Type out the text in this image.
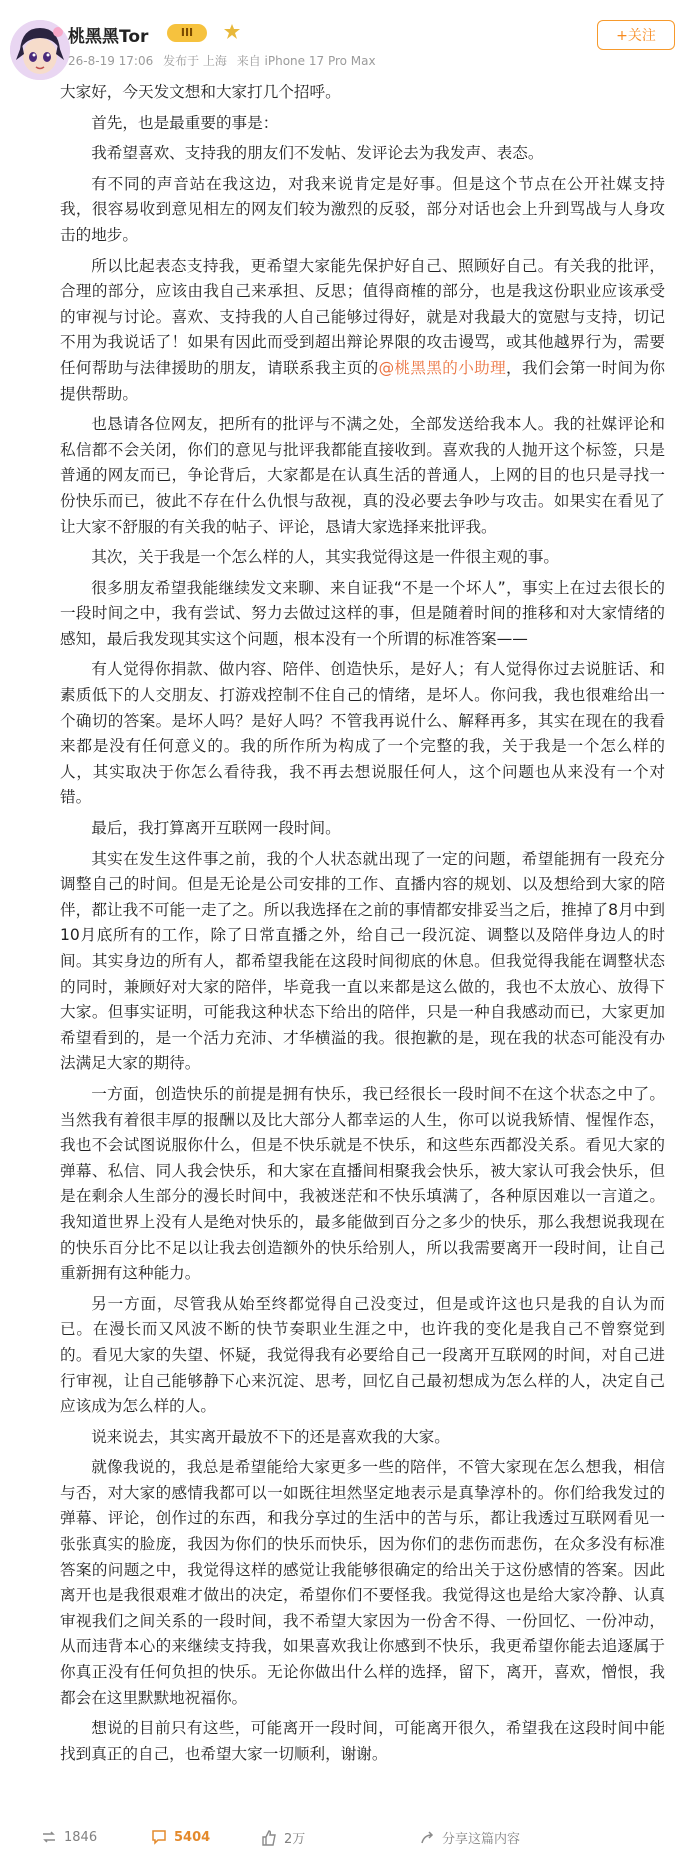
桃黑黑Tor	III
26-8-19 17:06 发布于 上海 来自 iPhone 17 Pro Max
+关注

大家好，今天发文想和大家打几个招呼。

首先，也是最重要的事是：

我希望喜欢、支持我的朋友们不发帖、发评论去为我发声、表态。

有不同的声音站在我这边，对我来说肯定是好事。但是这个节点在公开社媒支持我，很容易收到意见相左的网友们较为激烈的反驳，部分对话也会上升到骂战与人身攻击的地步。

所以比起表态支持我，更希望大家能先保护好自己、照顾好自己。有关我的批评，合理的部分，应该由我自己来承担、反思；值得商榷的部分，也是我这份职业应该承受的审视与讨论。喜欢、支持我的人自己能够过得好，就是对我最大的宽慰与支持，切记不用为我说话了！如果有因此而受到超出辩论界限的攻击谩骂，或其他越界行为，需要任何帮助与法律援助的朋友，请联系我主页的@桃黑黑的小助理，我们会第一时间为你提供帮助。

也恳请各位网友，把所有的批评与不满之处，全部发送给我本人。我的社媒评论和私信都不会关闭，你们的意见与批评我都能直接收到。喜欢我的人抛开这个标签，只是普通的网友而已，争论背后，大家都是在认真生活的普通人，上网的目的也只是寻找一份快乐而已，彼此不存在什么仇恨与敌视，真的没必要去争吵与攻击。如果实在看见了让大家不舒服的有关我的帖子、评论，恳请大家选择来批评我。

其次，关于我是一个怎么样的人，其实我觉得这是一件很主观的事。

很多朋友希望我能继续发文来聊、来自证我“不是一个坏人”，事实上在过去很长的一段时间之中，我有尝试、努力去做过这样的事，但是随着时间的推移和对大家情绪的感知，最后我发现其实这个问题，根本没有一个所谓的标准答案——

有人觉得你捐款、做内容、陪伴、创造快乐，是好人；有人觉得你过去说脏话、和素质低下的人交朋友、打游戏控制不住自己的情绪，是坏人。你问我，我也很难给出一个确切的答案。是坏人吗？是好人吗？不管我再说什么、解释再多，其实在现在的我看来都是没有任何意义的。我的所作所为构成了一个完整的我，关于我是一个怎么样的人，其实取决于你怎么看待我，我不再去想说服任何人，这个问题也从来没有一个对错。

最后，我打算离开互联网一段时间。

其实在发生这件事之前，我的个人状态就出现了一定的问题，希望能拥有一段充分调整自己的时间。但是无论是公司安排的工作、直播内容的规划、以及想给到大家的陪伴，都让我不可能一走了之。所以我选择在之前的事情都安排妥当之后，推掉了8月中到10月底所有的工作，除了日常直播之外，给自己一段沉淀、调整以及陪伴身边人的时间。其实身边的所有人，都希望我能在这段时间彻底的休息。但我觉得我能在调整状态的同时，兼顾好对大家的陪伴，毕竟我一直以来都是这么做的，我也不太放心、放得下大家。但事实证明，可能我这种状态下给出的陪伴，只是一种自我感动而已，大家更加希望看到的，是一个活力充沛、才华横溢的我。很抱歉的是，现在我的状态可能没有办法满足大家的期待。

一方面，创造快乐的前提是拥有快乐，我已经很长一段时间不在这个状态之中了。当然我有着很丰厚的报酬以及比大部分人都幸运的人生，你可以说我矫情、惺惺作态，我也不会试图说服你什么，但是不快乐就是不快乐，和这些东西都没关系。看见大家的弹幕、私信、同人我会快乐，和大家在直播间相聚我会快乐，被大家认可我会快乐，但是在剩余人生部分的漫长时间中，我被迷茫和不快乐填满了，各种原因难以一言道之。我知道世界上没有人是绝对快乐的，最多能做到百分之多少的快乐，那么我想说我现在的快乐百分比不足以让我去创造额外的快乐给别人，所以我需要离开一段时间，让自己重新拥有这种能力。

另一方面，尽管我从始至终都觉得自己没变过，但是或许这也只是我的自认为而已。在漫长而又风波不断的快节奏职业生涯之中，也许我的变化是我自己不曾察觉到的。看见大家的失望、怀疑，我觉得我有必要给自己一段离开互联网的时间，对自己进行审视，让自己能够静下心来沉淀、思考，回忆自己最初想成为怎么样的人，决定自己应该成为怎么样的人。

说来说去，其实离开最放不下的还是喜欢我的大家。

就像我说的，我总是希望能给大家更多一些的陪伴，不管大家现在怎么想我，相信与否，对大家的感情我都可以一如既往坦然坚定地表示是真挚淳朴的。你们给我发过的弹幕、评论，创作过的东西，和我分享过的生活中的苦与乐，都让我透过互联网看见一张张真实的脸庞，我因为你们的快乐而快乐，因为你们的悲伤而悲伤，在众多没有标准答案的问题之中，我觉得这样的感觉让我能够很确定的给出关于这份感情的答案。因此离开也是我很艰难才做出的决定，希望你们不要怪我。我觉得这也是给大家冷静、认真审视我们之间关系的一段时间，我不希望大家因为一份舍不得、一份回忆、一份冲动，从而违背本心的来继续支持我，如果喜欢我让你感到不快乐，我更希望你能去追逐属于你真正没有任何负担的快乐。无论你做出什么样的选择，留下，离开，喜欢，憎恨，我都会在这里默默地祝福你。

想说的目前只有这些，可能离开一段时间，可能离开很久，希望我在这段时间中能找到真正的自己，也希望大家一切顺利，谢谢。

1846	5404	2万	分享这篇内容
